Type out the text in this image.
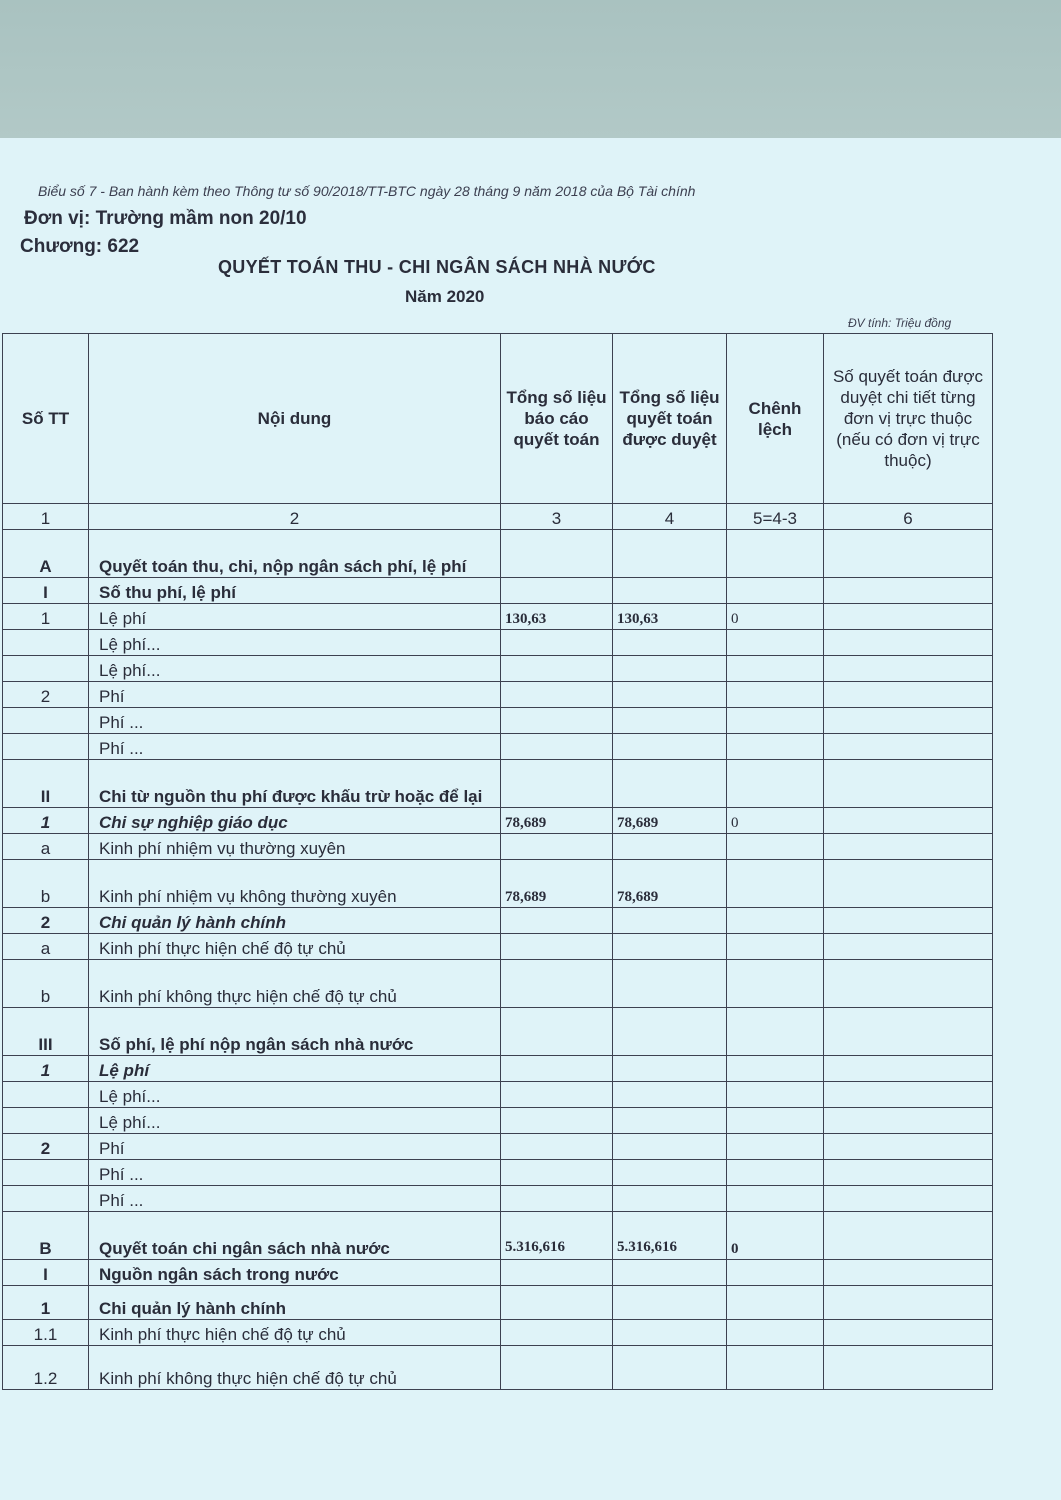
Biểu số 7 - Ban hành kèm theo Thông tư số 90/2018/TT-BTC ngày 28 tháng 9 năm 2018 của Bộ Tài chính
Đơn vị: Trường mầm non 20/10
Chương: 622
QUYẾT TOÁN THU - CHI NGÂN SÁCH NHÀ NƯỚC
Năm 2020
ĐV tính: Triệu đồng
Số TT	Nội dung	Tổng số liệu báo cáo quyết toán	Tổng số liệu quyết toán được duyệt	Chênh lệch	Số quyết toán được duyệt chi tiết từng đơn vị trực thuộc (nếu có đơn vị trực thuộc)
1	2	3	4	5=4-3	6
A	Quyết toán thu, chi, nộp ngân sách phí, lệ phí				
I	Số thu phí, lệ phí				
1	Lệ phí	130,63	130,63	0	
	Lệ phí...				
	Lệ phí...				
2	Phí				
	Phí ...				
	Phí ...				
II	Chi từ nguồn thu phí được khấu trừ hoặc để lại				
1	Chi sự nghiệp giáo dục	78,689	78,689	0	
a	Kinh phí nhiệm vụ thường xuyên				
b	Kinh phí nhiệm vụ không thường xuyên	78,689	78,689		
2	Chi quản lý hành chính				
a	Kinh phí thực hiện chế độ tự chủ				
b	Kinh phí không thực hiện chế độ tự chủ				
III	Số phí, lệ phí nộp ngân sách nhà nước				
1	Lệ phí				
	Lệ phí...				
	Lệ phí...				
2	Phí				
	Phí ...				
	Phí ...				
B	Quyết toán chi ngân sách nhà nước	5.316,616	5.316,616	0	
I	Nguồn ngân sách trong nước				
1	Chi quản lý hành chính				
1.1	Kinh phí thực hiện chế độ tự chủ				
1.2	Kinh phí không thực hiện chế độ tự chủ				
